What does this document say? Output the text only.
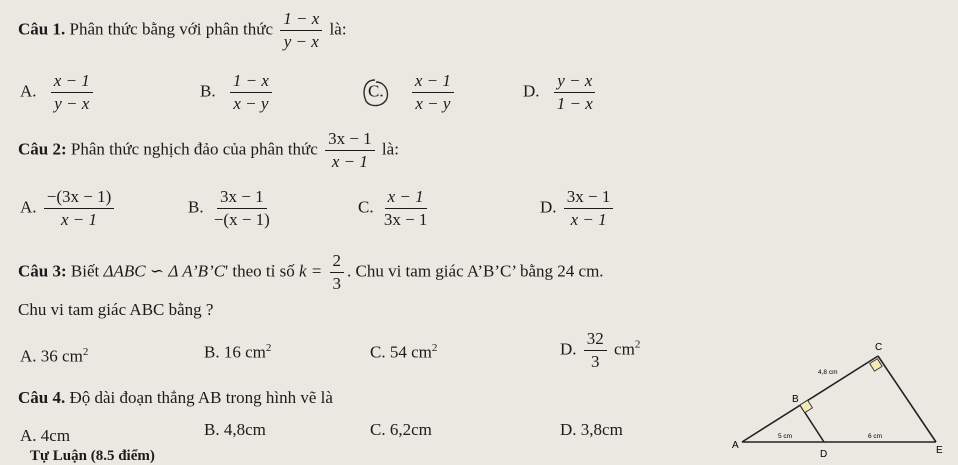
Câu 1. Phân thức bằng với phân thức $\frac{1 - x}{y - x}$ là:
A. $\frac{x - 1}{y - x}$	B. $\frac{1 - x}{x - y}$	C. $\frac{x - 1}{x - y}$	D. $\frac{y - x}{1 - x}$
Câu 2: Phân thức nghịch đảo của phân thức $\frac{3x - 1}{x - 1}$ là:
A. $\frac{-(3x - 1)}{x - 1}$	B. $\frac{3x - 1}{-(x - 1)}$	C. $\frac{x - 1}{3x - 1}$	D. $\frac{3x - 1}{x - 1}$
Câu 3: Biết ΔABC ∽ Δ A’B’C' theo tỉ số $k = \frac{2}{3}$ . Chu vi tam giác A’B’C’ bằng 24 cm.
Chu vi tam giác ABC bằng ?
A. 36 $cm^2$	B. 16 $cm^2$	C. 54 $cm^2$	D. $\frac{32}{3} cm^2$
Câu 4. Độ dài đoạn thẳng AB trong hình vẽ là
A. 4cm	B. 4,8cm	C. 6,2cm	D. 3,8cm
Tự Luận (8.5 điểm)
C
B
A
D	E
4,8 cm
5 cm	6 cm
